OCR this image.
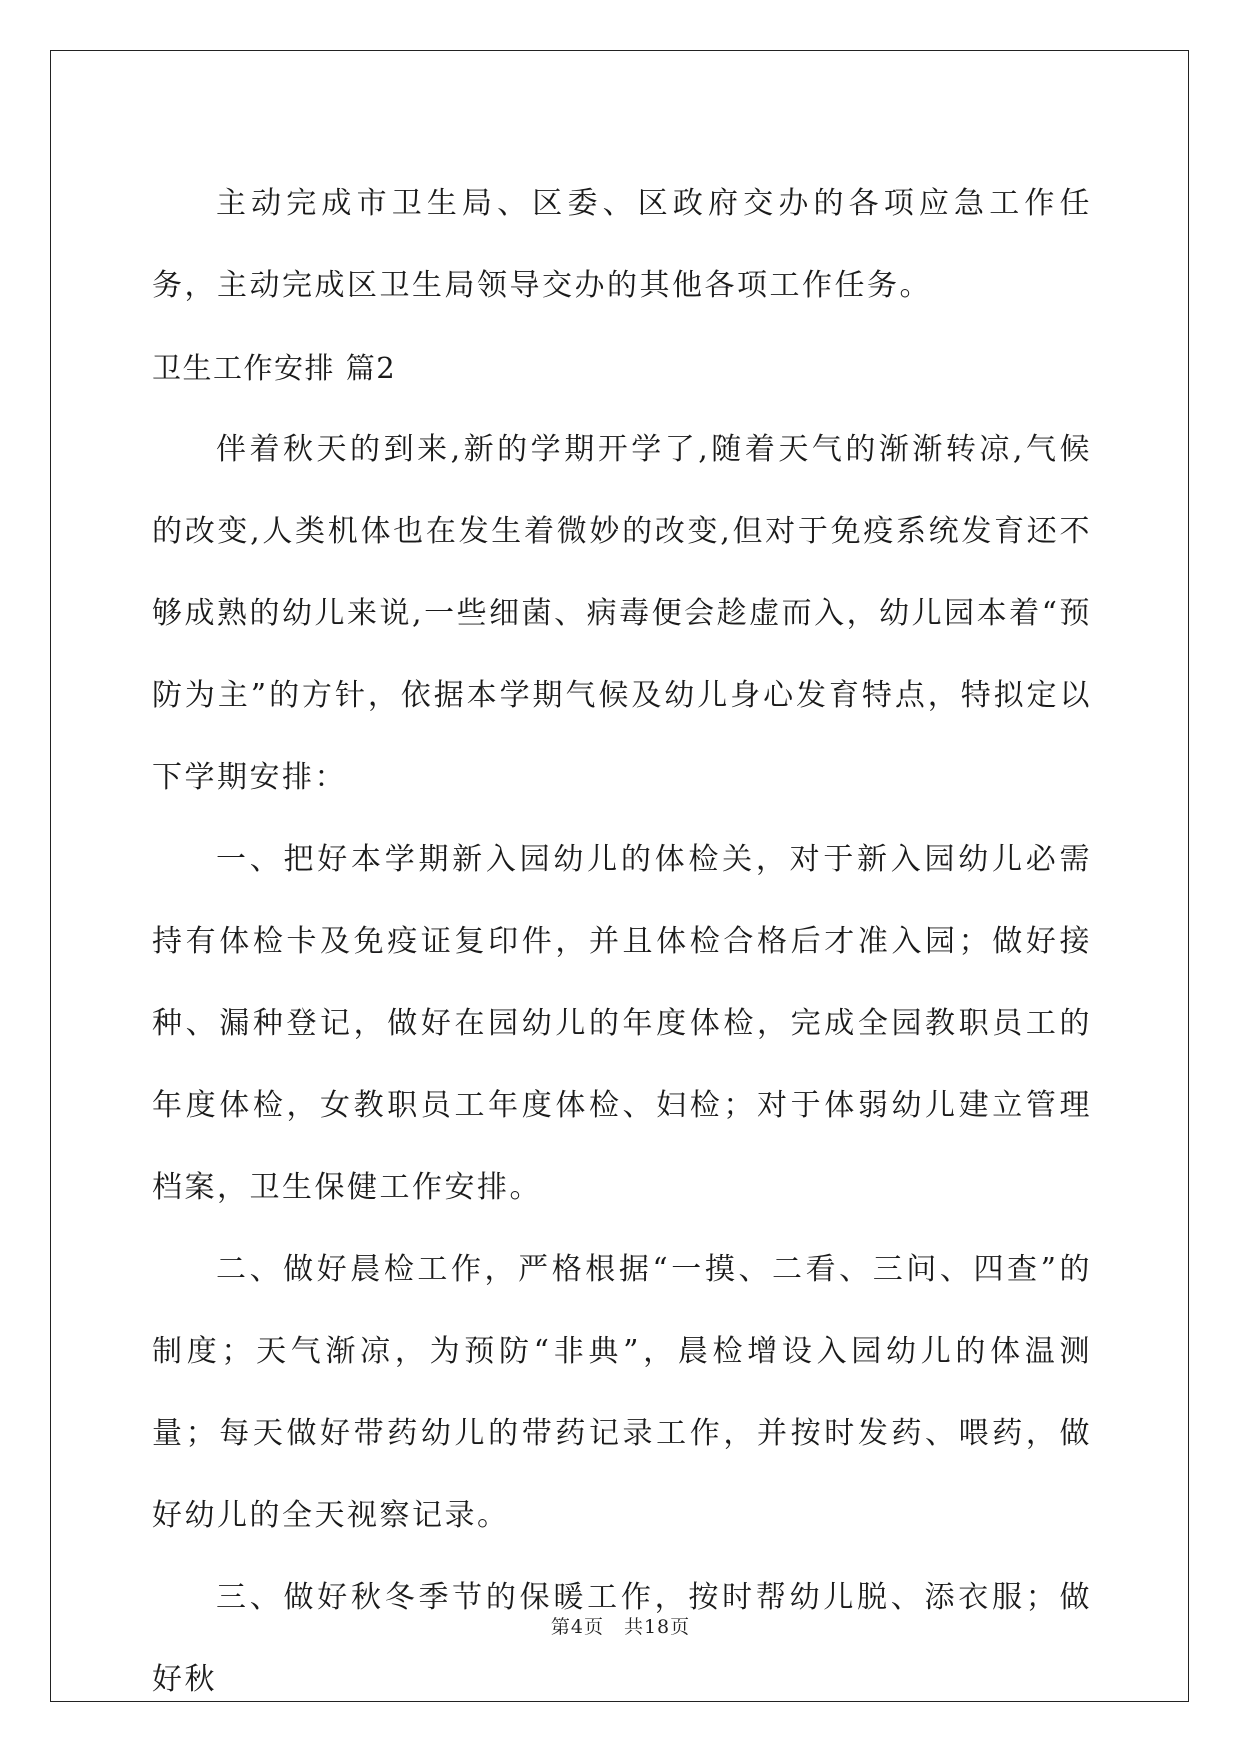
主动完成市卫生局、区委、区政府交办的各项应急工作任务，主动完成区卫生局领导交办的其他各项工作任务。

卫生工作安排 篇2

伴着秋天的到来,新的学期开学了,随着天气的渐渐转凉,气候的改变,人类机体也在发生着微妙的改变,但对于免疫系统发育还不够成熟的幼儿来说,一些细菌、病毒便会趁虚而入，幼儿园本着“预防为主”的方针，依据本学期气候及幼儿身心发育特点，特拟定以下学期安排：

一、把好本学期新入园幼儿的体检关，对于新入园幼儿必需持有体检卡及免疫证复印件，并且体检合格后才准入园；做好接种、漏种登记，做好在园幼儿的年度体检，完成全园教职员工的年度体检，女教职员工年度体检、妇检；对于体弱幼儿建立管理档案，卫生保健工作安排。

二、做好晨检工作，严格根据“一摸、二看、三问、四查”的制度；天气渐凉，为预防“非典”，晨检增设入园幼儿的体温测量；每天做好带药幼儿的带药记录工作，并按时发药、喂药，做好幼儿的全天视察记录。

三、做好秋冬季节的保暖工作，按时帮幼儿脱、添衣服；做好秋

第4页　共18页
